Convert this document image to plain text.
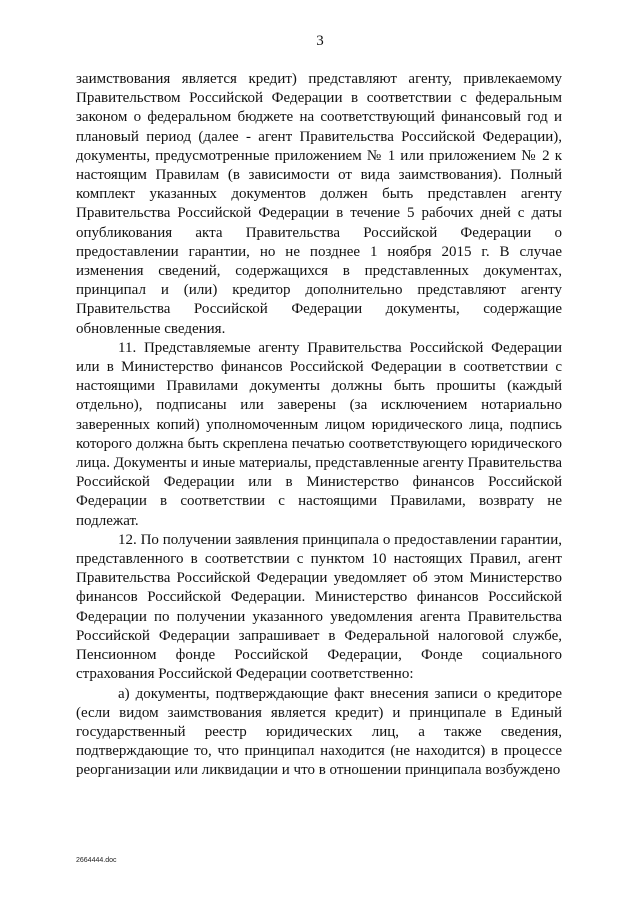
3

заимствования является кредит) представляют агенту, привлекаемому Правительством Российской Федерации в соответствии с федеральным законом о федеральном бюджете на соответствующий финансовый год и плановый период (далее - агент Правительства Российской Федерации), документы, предусмотренные приложением № 1 или приложением № 2 к настоящим Правилам (в зависимости от вида заимствования). Полный комплект указанных документов должен быть представлен агенту Правительства Российской Федерации в течение 5 рабочих дней с даты опубликования акта Правительства Российской Федерации о предоставлении гарантии, но не позднее 1 ноября 2015 г. В случае изменения сведений, содержащихся в представленных документах, принципал и (или) кредитор дополнительно представляют агенту Правительства Российской Федерации документы, содержащие обновленные сведения.

11. Представляемые агенту Правительства Российской Федерации или в Министерство финансов Российской Федерации в соответствии с настоящими Правилами документы должны быть прошиты (каждый отдельно), подписаны или заверены (за исключением нотариально заверенных копий) уполномоченным лицом юридического лица, подпись которого должна быть скреплена печатью соответствующего юридического лица. Документы и иные материалы, представленные агенту Правительства Российской Федерации или в Министерство финансов Российской Федерации в соответствии с настоящими Правилами, возврату не подлежат.

12. По получении заявления принципала о предоставлении гарантии, представленного в соответствии с пунктом 10 настоящих Правил, агент Правительства Российской Федерации уведомляет об этом Министерство финансов Российской Федерации. Министерство финансов Российской Федерации по получении указанного уведомления агента Правительства Российской Федерации запрашивает в Федеральной налоговой службе, Пенсионном фонде Российской Федерации, Фонде социального страхования Российской Федерации соответственно:

а) документы, подтверждающие факт внесения записи о кредиторе (если видом заимствования является кредит) и принципале в Единый государственный реестр юридических лиц, а также сведения, подтверждающие то, что принципал находится (не находится) в процессе реорганизации или ликвидации и что в отношении принципала возбуждено

2664444.doc
